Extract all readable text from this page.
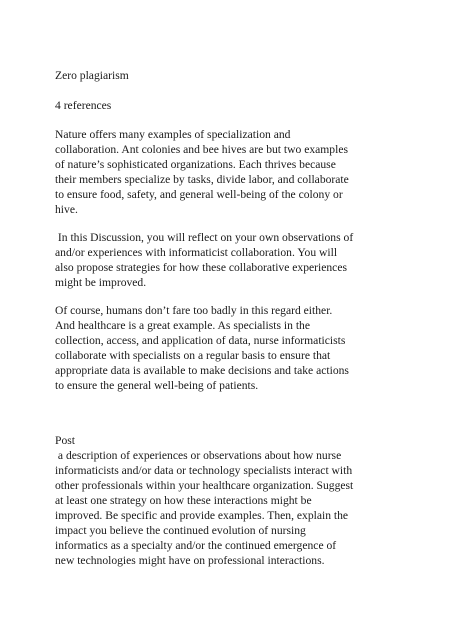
Zero plagiarism

4 references

Nature offers many examples of specialization and
collaboration. Ant colonies and bee hives are but two examples
of nature’s sophisticated organizations. Each thrives because
their members specialize by tasks, divide labor, and collaborate
to ensure food, safety, and general well-being of the colony or
hive.

In this Discussion, you will reflect on your own observations of
and/or experiences with informaticist collaboration. You will
also propose strategies for how these collaborative experiences
might be improved.

Of course, humans don’t fare too badly in this regard either.
And healthcare is a great example. As specialists in the
collection, access, and application of data, nurse informaticists
collaborate with specialists on a regular basis to ensure that
appropriate data is available to make decisions and take actions
to ensure the general well-being of patients.

Post

a description of experiences or observations about how nurse
informaticists and/or data or technology specialists interact with
other professionals within your healthcare organization. Suggest
at least one strategy on how these interactions might be
improved. Be specific and provide examples. Then, explain the
impact you believe the continued evolution of nursing
informatics as a specialty and/or the continued emergence of
new technologies might have on professional interactions.
